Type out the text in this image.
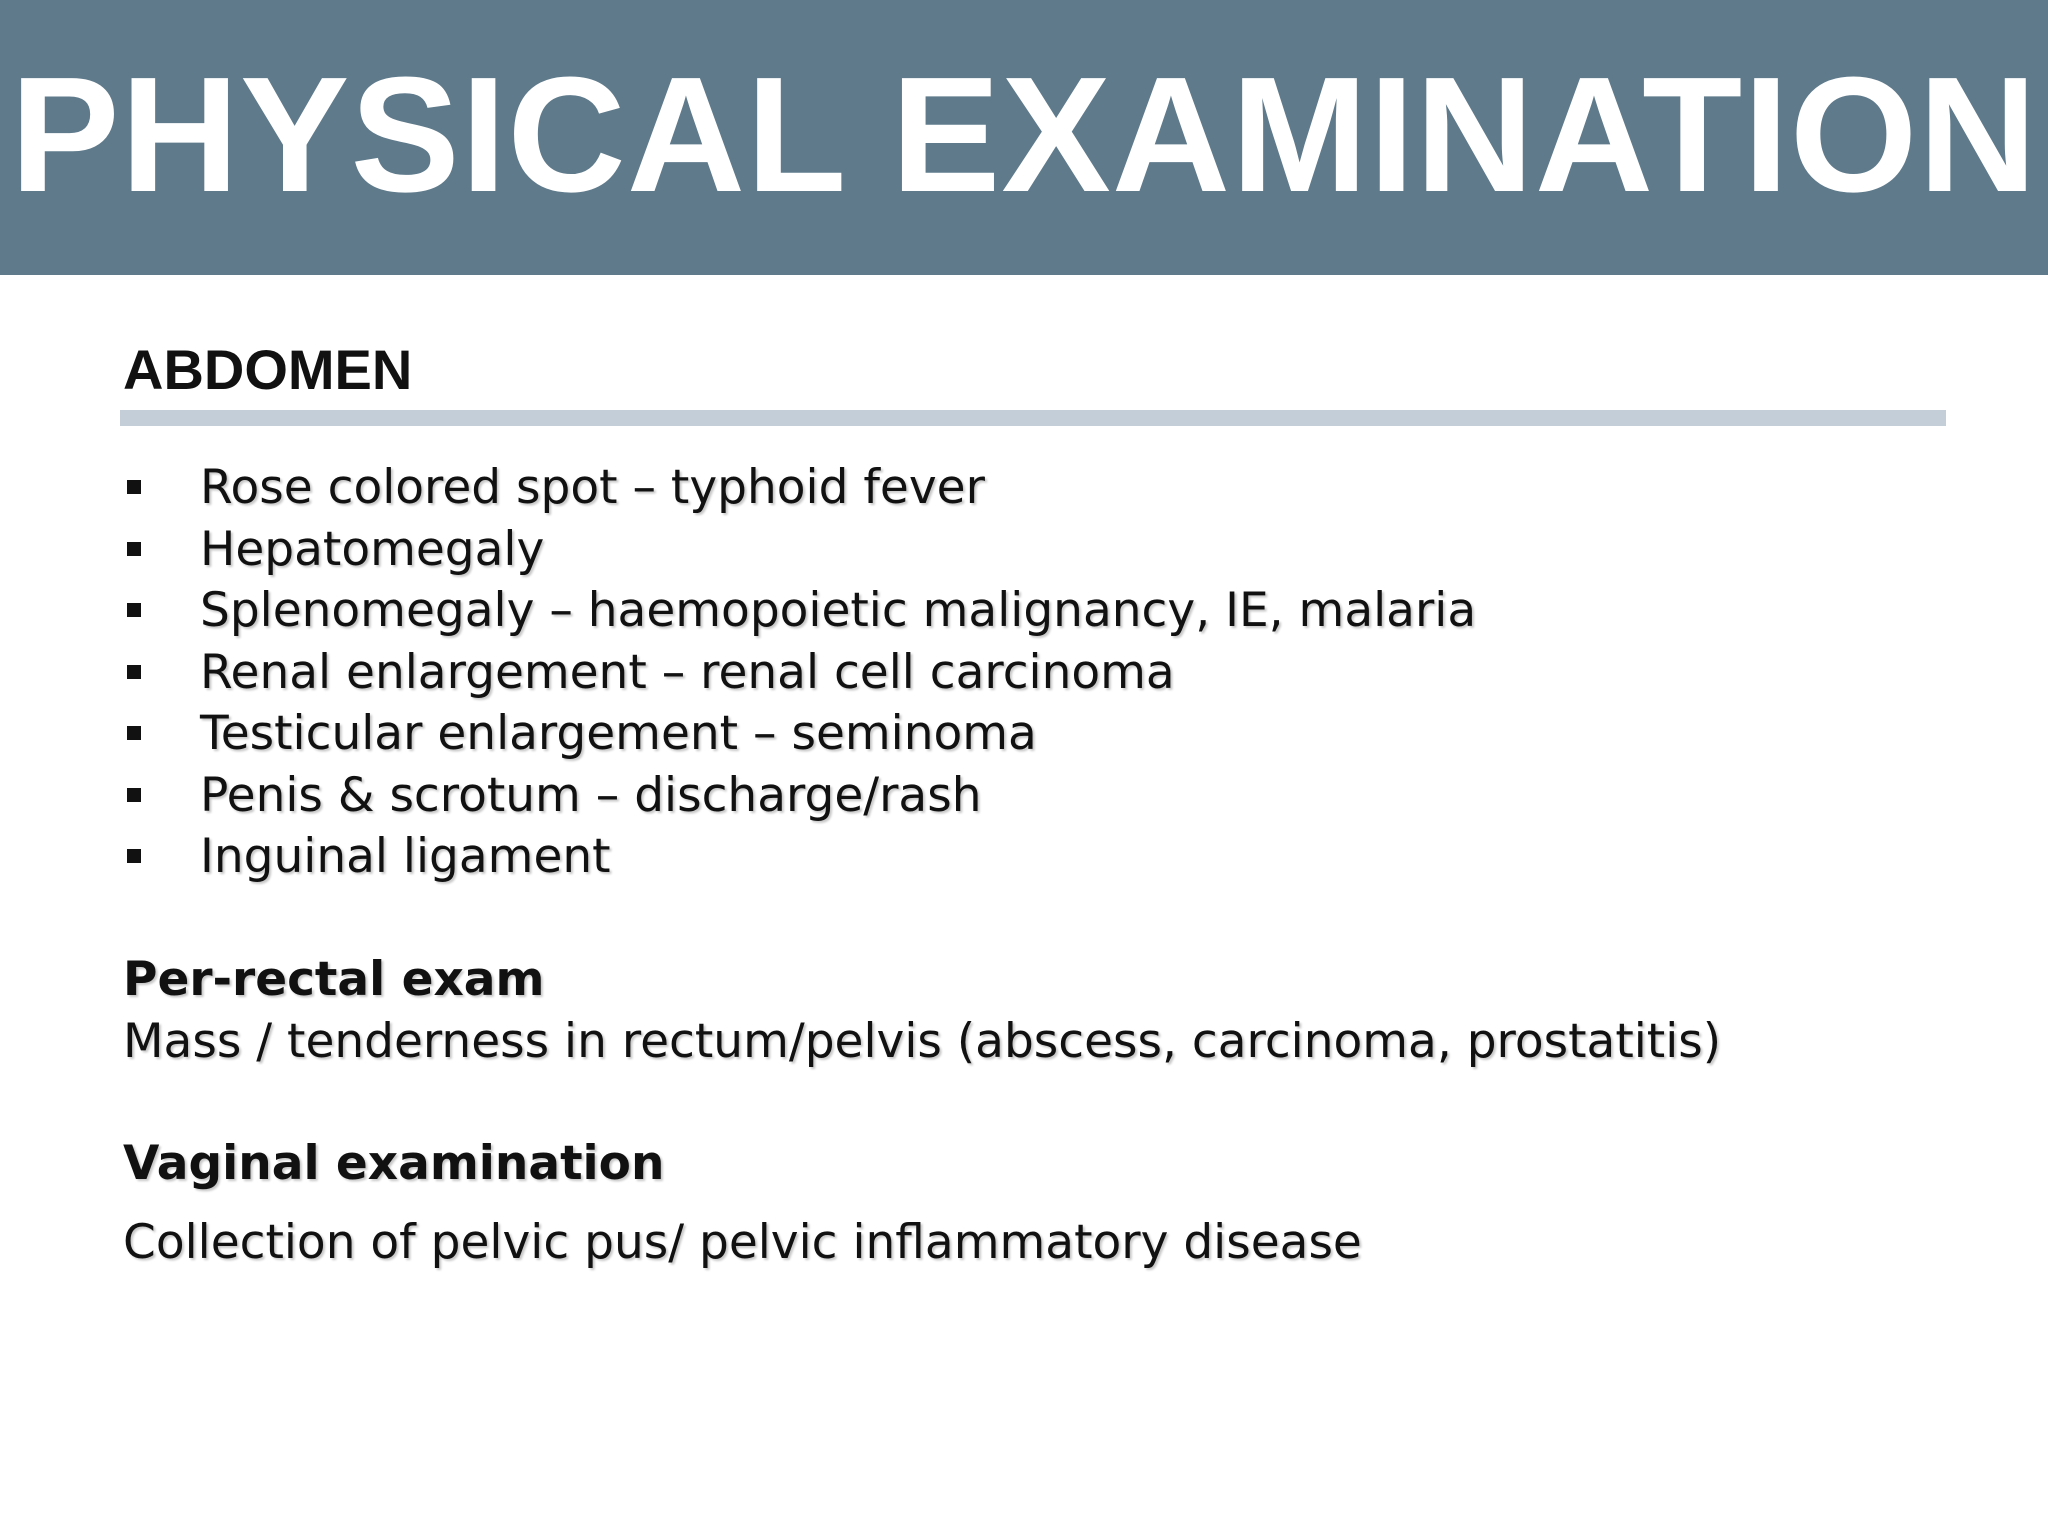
PHYSICAL EXAMINATION
ABDOMEN
Rose colored spot – typhoid fever
Hepatomegaly
Splenomegaly – haemopoietic malignancy, IE, malaria
Renal enlargement – renal cell carcinoma
Testicular enlargement – seminoma
Penis & scrotum – discharge/rash
Inguinal ligament
Per-rectal exam
Mass / tenderness in rectum/pelvis (abscess, carcinoma, prostatitis)
Vaginal examination
Collection of pelvic pus/ pelvic inflammatory disease
